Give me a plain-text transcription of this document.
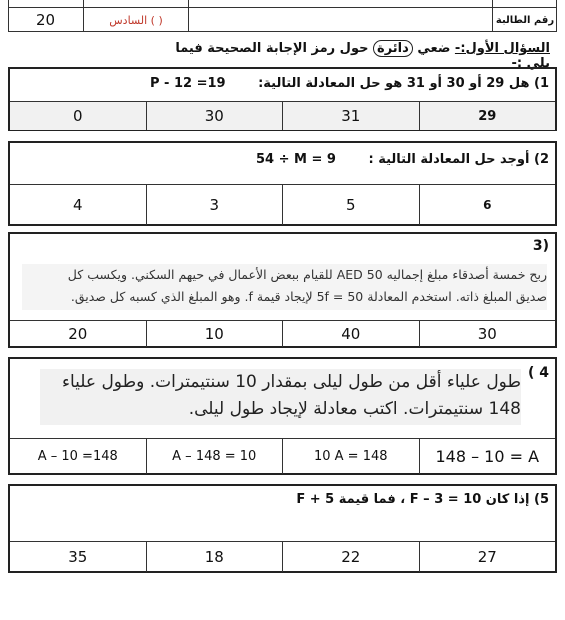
20	السادس ( )	رقم الطالبة
السؤال الأول:- ضعي دائرة حول رمز الإجابة الصحيحة فيما يلي :-
1) هل 29 أو 30 أو 31 هو حل المعادلة التالية:
P - 12 =19
29
31
30
0
2) أوجد حل المعادلة التالية :
54 ÷ M = 9
6
5
3
4
(3
ربح خمسة أصدقاء مبلغ إجماليه AED 50 للقيام ببعض الأعمال في حيهم السكني. ويكسب كل
صديق المبلغ ذاته. استخدم المعادلة 50 = 5f لإيجاد قيمة f. وهو المبلغ الذي كسبه كل صديق.
30
40
10
20
4 )
طول علياء أقل من طول ليلى بمقدار 10 سنتيمترات. وطول علياء
148 سنتيمترات. اكتب معادلة لإيجاد طول ليلى.
148 – 10 = A
10 A = 148
A – 148 = 10
A – 10 =148
5) إذا كان F – 3 = 10 ، فما قيمة F + 5
27
22
18
35
